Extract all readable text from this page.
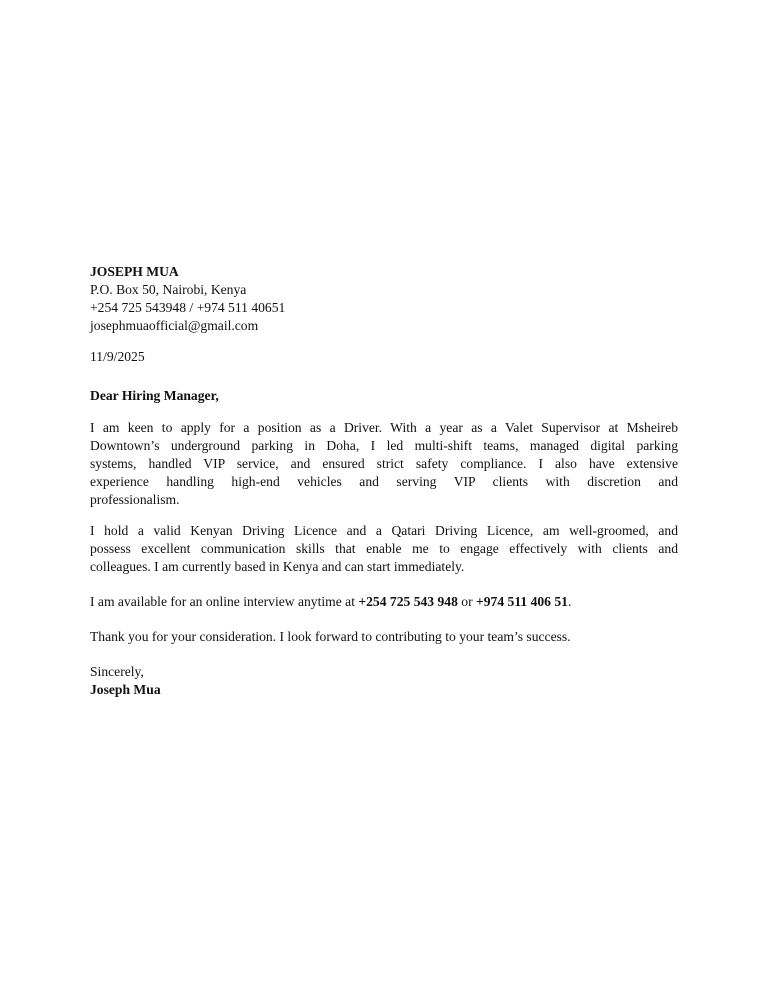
JOSEPH MUA
P.O. Box 50, Nairobi, Kenya
+254 725 543948 / +974 511 40651
josephmuaofficial@gmail.com
11/9/2025
Dear Hiring Manager,
I am keen to apply for a position as a Driver. With a year as a Valet Supervisor at Msheireb
Downtown’s underground parking in Doha, I led multi-shift teams, managed digital parking
systems, handled VIP service, and ensured strict safety compliance. I also have extensive
experience handling high-end vehicles and serving VIP clients with discretion and
professionalism.
I hold a valid Kenyan Driving Licence and a Qatari Driving Licence, am well-groomed, and
possess excellent communication skills that enable me to engage effectively with clients and
colleagues. I am currently based in Kenya and can start immediately.
I am available for an online interview anytime at +254 725 543 948 or +974 511 406 51.
Thank you for your consideration. I look forward to contributing to your team’s success.
Sincerely,
Joseph Mua
